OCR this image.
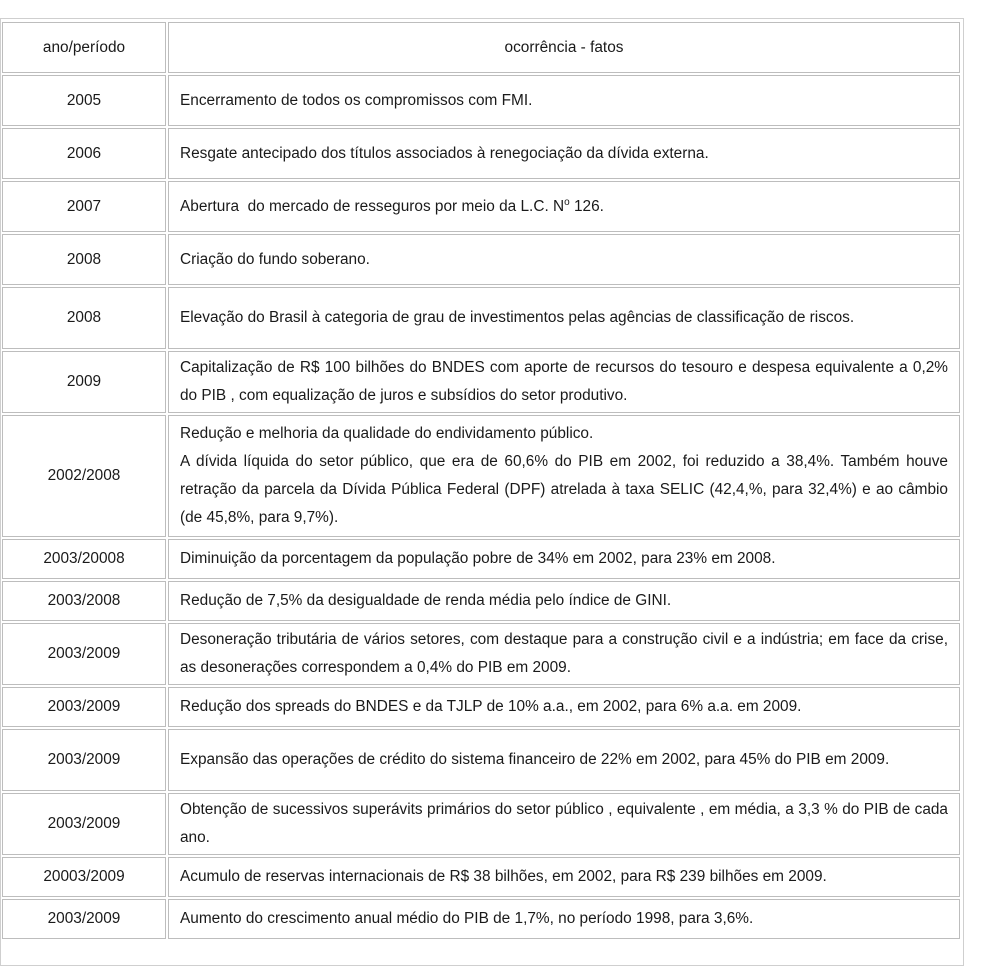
ano/período	ocorrência - fatos
2005	Encerramento de todos os compromissos com FMI.

2006	Resgate antecipado dos títulos associados à renegociação da dívida externa.

2007	Abertura  do mercado de resseguros por meio da L.C. $N^o$ 126.
2008	Criação do fundo soberano.

2008	Elevação do Brasil à categoria de grau de investimentos pelas agências de classificação de riscos.

2009	Capitalização de R$ 100 bilhões do BNDES com aporte de recursos do tesouro e despesa equivalente a 0,2% do PIB , com equalização de juros e subsídios do setor produtivo.

2002/2008	Redução e melhoria da qualidade do endividamento público.
A dívida líquida do setor público, que era de 60,6% do PIB em 2002, foi reduzido a 38,4%. Também houve retração da parcela da Dívida Pública Federal (DPF) atrelada à taxa SELIC (42,4,%, para 32,4%) e ao câmbio (de 45,8%, para 9,7%).

2003/20008	Diminuição da porcentagem da população pobre de 34% em 2002, para 23% em 2008.

2003/2008	Redução de 7,5% da desigualdade de renda média pelo índice de GINI.

2003/2009	Desoneração tributária de vários setores, com destaque para a construção civil e a indústria; em face da crise, as desonerações correspondem a 0,4% do PIB em 2009.

2003/2009	Redução dos spreads do BNDES e da TJLP de 10% a.a., em 2002, para 6% a.a. em 2009.

2003/2009	Expansão das operações de crédito do sistema financeiro de 22% em 2002, para 45% do PIB em 2009.

2003/2009	Obtenção de sucessivos superávits primários do setor público , equivalente , em média, a 3,3 % do PIB de cada ano.

20003/2009	Acumulo de reservas internacionais de R$ 38 bilhões, em 2002, para R$ 239 bilhões em 2009.

2003/2009	Aumento do crescimento anual médio do PIB de 1,7%, no período 1998, para 3,6%.
